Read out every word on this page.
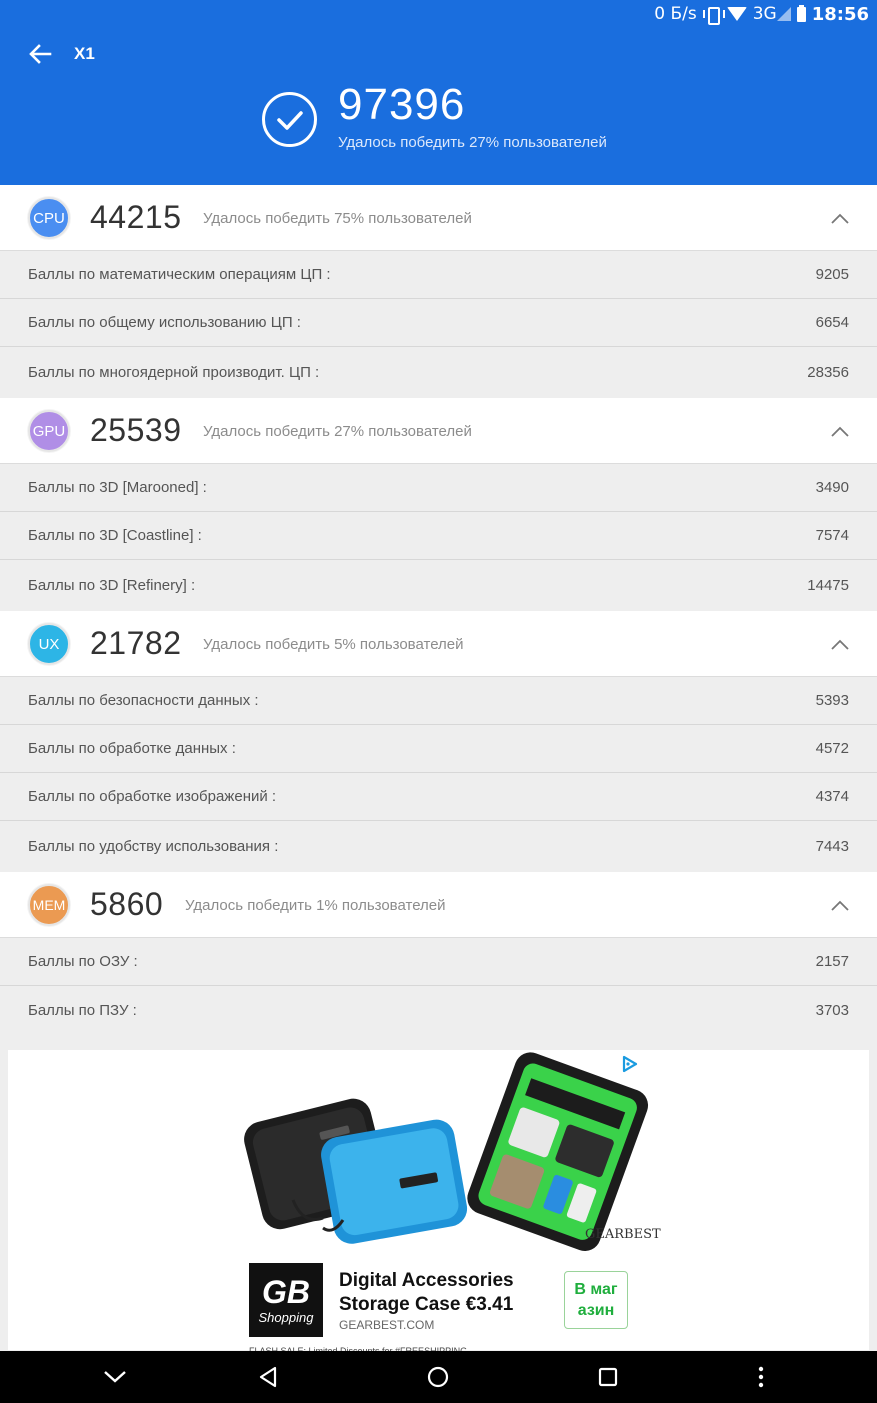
0 Б/s	3G 18:56
X1
97396
Удалось победить 27% пользователей
CPU 44215 Удалось победить 75% пользователей
Баллы по математическим операциям ЦП :	9205
Баллы по общему использованию ЦП :	6654
Баллы по многоядерной производит. ЦП :	28356
GPU 25539 Удалось победить 27% пользователей
Баллы по 3D [Marooned] :	3490
Баллы по 3D [Coastline] :	7574
Баллы по 3D [Refinery] :	14475
UX 21782 Удалось победить 5% пользователей
Баллы по безопасности данных :	5393
Баллы по обработке данных :	4572
Баллы по обработке изображений :	4374
Баллы по удобству использования :	7443
MEM 5860 Удалось победить 1% пользователей
Баллы по ОЗУ :	2157
Баллы по ПЗУ :	3703
GEARBEST
GB
Shopping
Digital Accessories Storage Case €3.41
GEARBEST.COM
В маг азин
